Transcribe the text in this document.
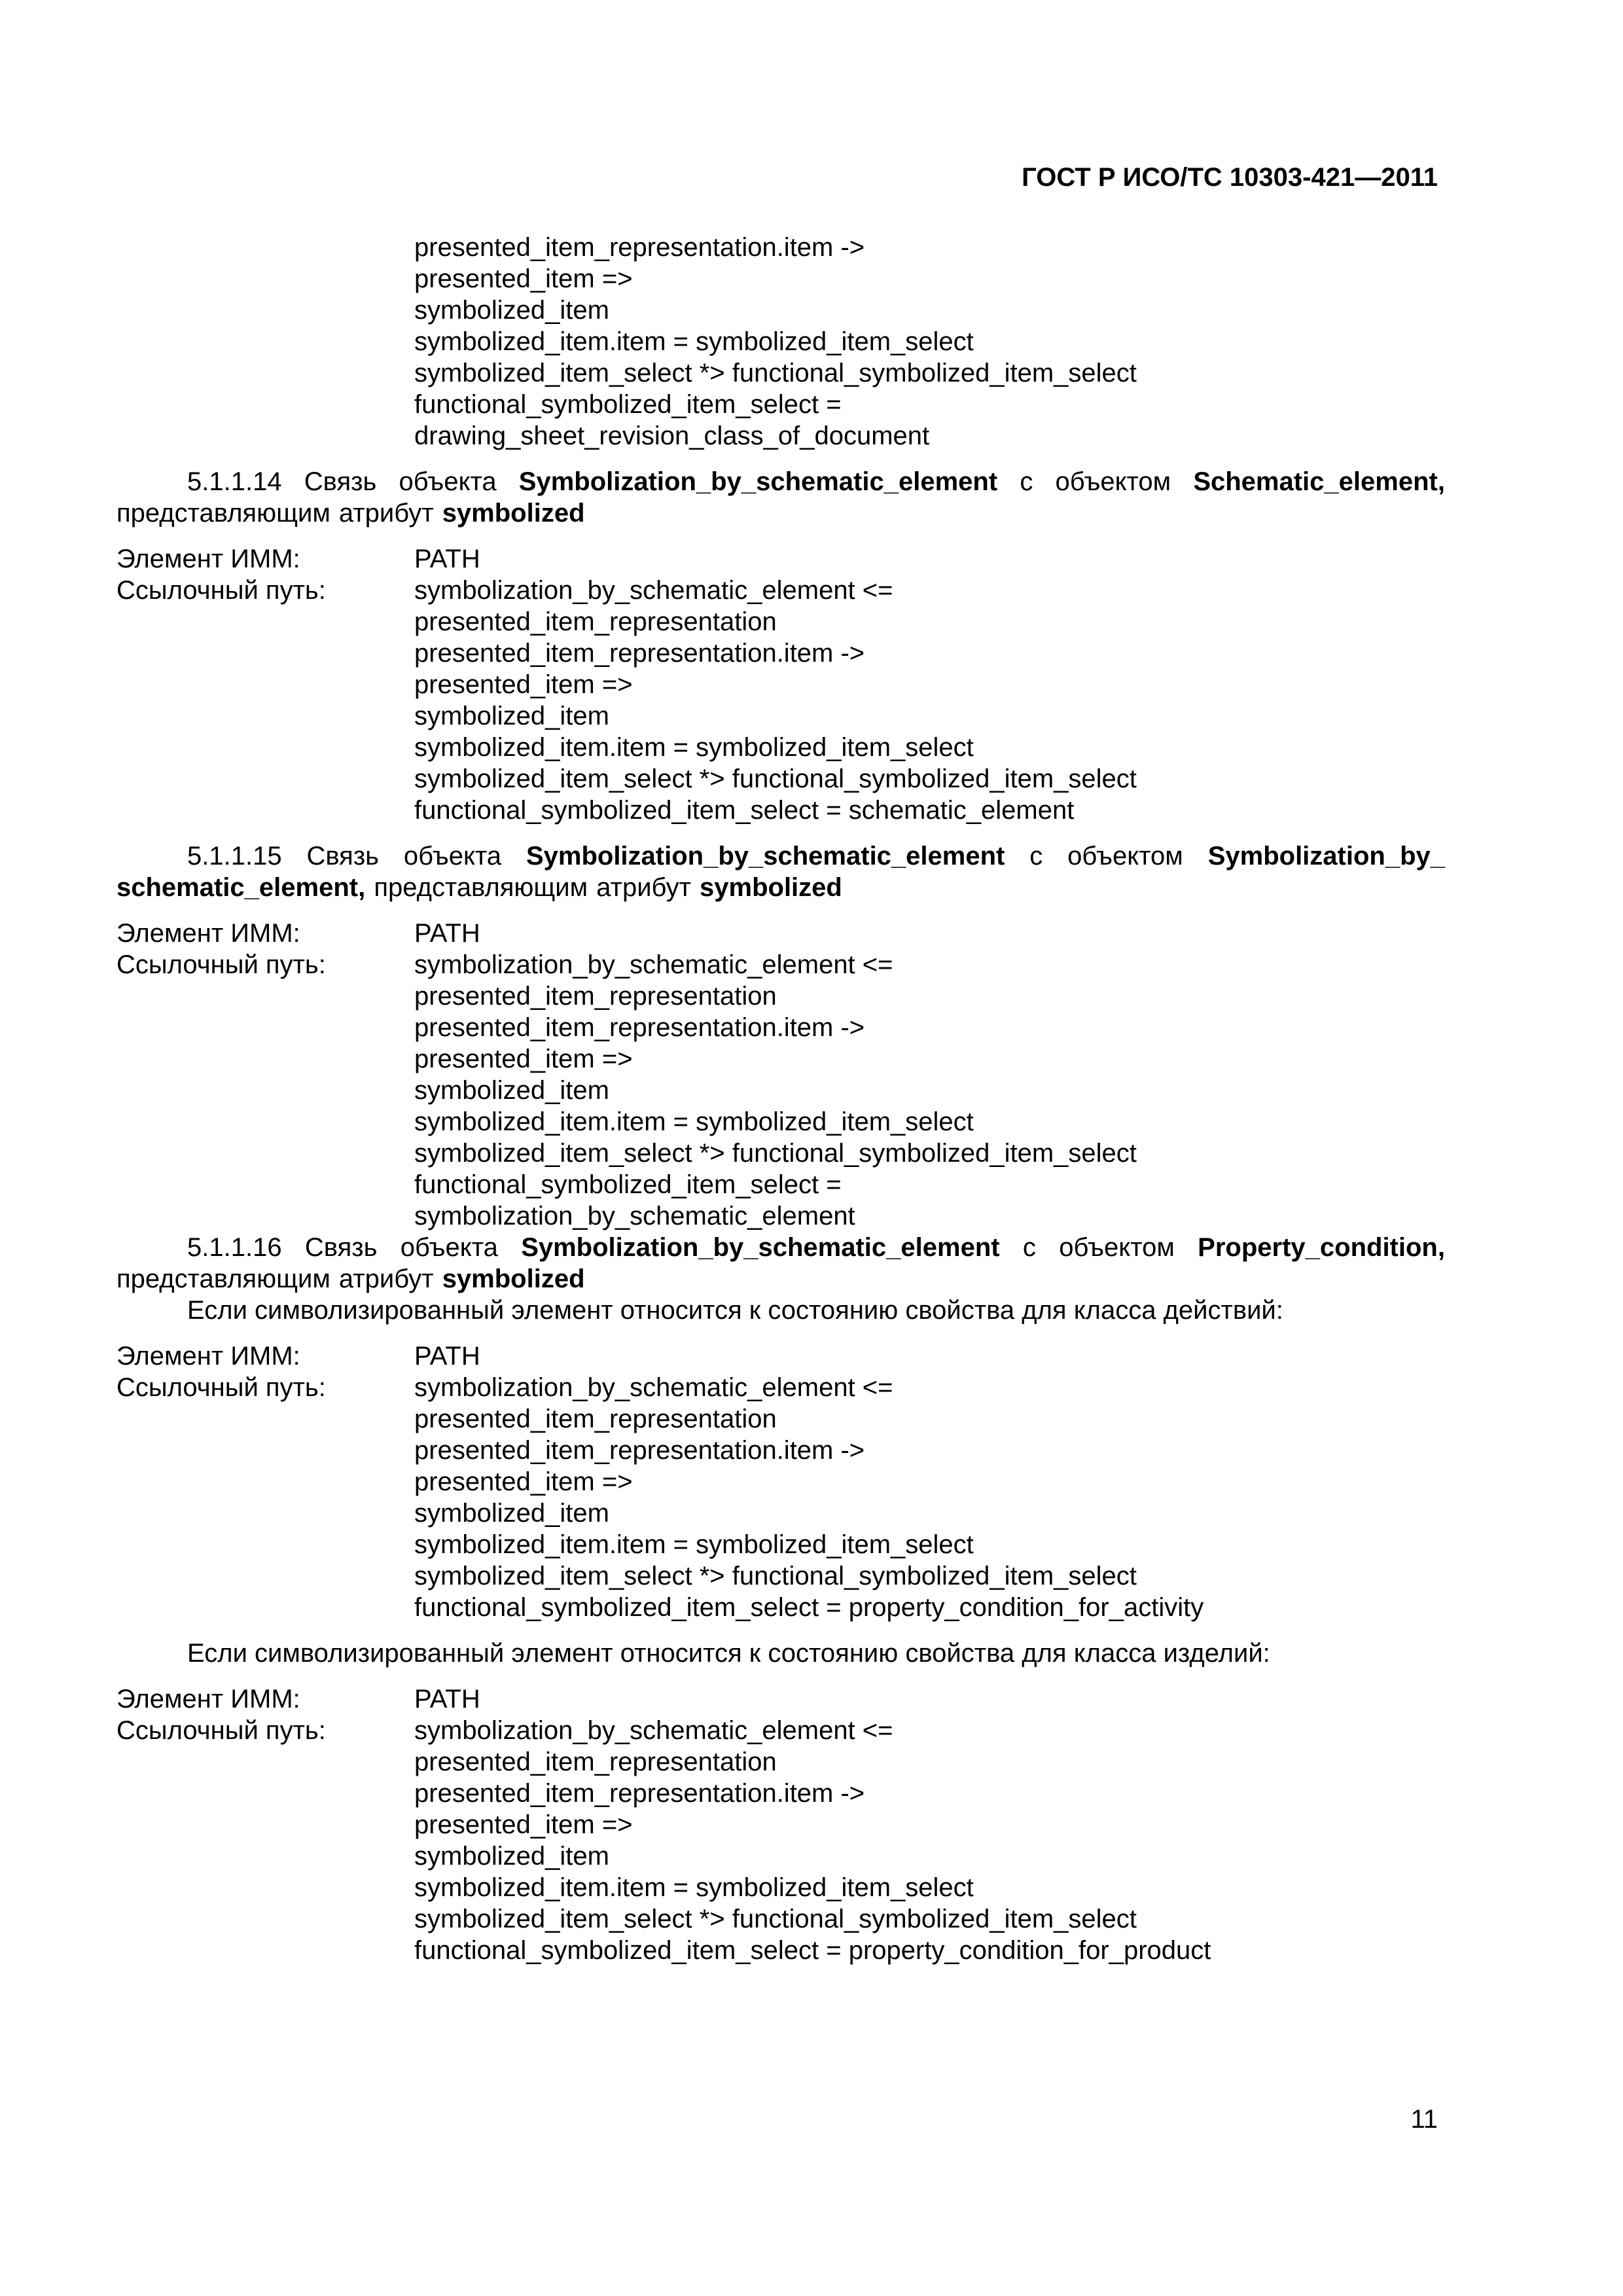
ГОСТ Р ИСО/ТС 10303-421—2011
presented_item_representation.item ->
presented_item =>
symbolized_item
symbolized_item.item = symbolized_item_select
symbolized_item_select *> functional_symbolized_item_select
functional_symbolized_item_select =
drawing_sheet_revision_class_of_document
5.1.1.14 Связь объекта Symbolization_by_schematic_element с объектом Schematic_element, представляющим атрибут symbolized
Элемент ИММ:	PATH
Ссылочный путь:	symbolization_by_schematic_element <=
presented_item_representation
presented_item_representation.item ->
presented_item =>
symbolized_item
symbolized_item.item = symbolized_item_select
symbolized_item_select *> functional_symbolized_item_select
functional_symbolized_item_select = schematic_element
5.1.1.15 Связь объекта Symbolization_by_schematic_element с объектом Symbolization_by_ schematic_element, представляющим атрибут symbolized
Элемент ИММ:	PATH
Ссылочный путь:	symbolization_by_schematic_element <=
presented_item_representation
presented_item_representation.item ->
presented_item =>
symbolized_item
symbolized_item.item = symbolized_item_select
symbolized_item_select *> functional_symbolized_item_select
functional_symbolized_item_select =
symbolization_by_schematic_element
5.1.1.16 Связь объекта Symbolization_by_schematic_element с объектом Property_condition, представляющим атрибут symbolized
Если символизированный элемент относится к состоянию свойства для класса действий:
Элемент ИММ:	PATH
Ссылочный путь:	symbolization_by_schematic_element <=
presented_item_representation
presented_item_representation.item ->
presented_item =>
symbolized_item
symbolized_item.item = symbolized_item_select
symbolized_item_select *> functional_symbolized_item_select
functional_symbolized_item_select = property_condition_for_activity
Если символизированный элемент относится к состоянию свойства для класса изделий:
Элемент ИММ:	PATH
Ссылочный путь:	symbolization_by_schematic_element <=
presented_item_representation
presented_item_representation.item ->
presented_item =>
symbolized_item
symbolized_item.item = symbolized_item_select
symbolized_item_select *> functional_symbolized_item_select
functional_symbolized_item_select = property_condition_for_product
11
